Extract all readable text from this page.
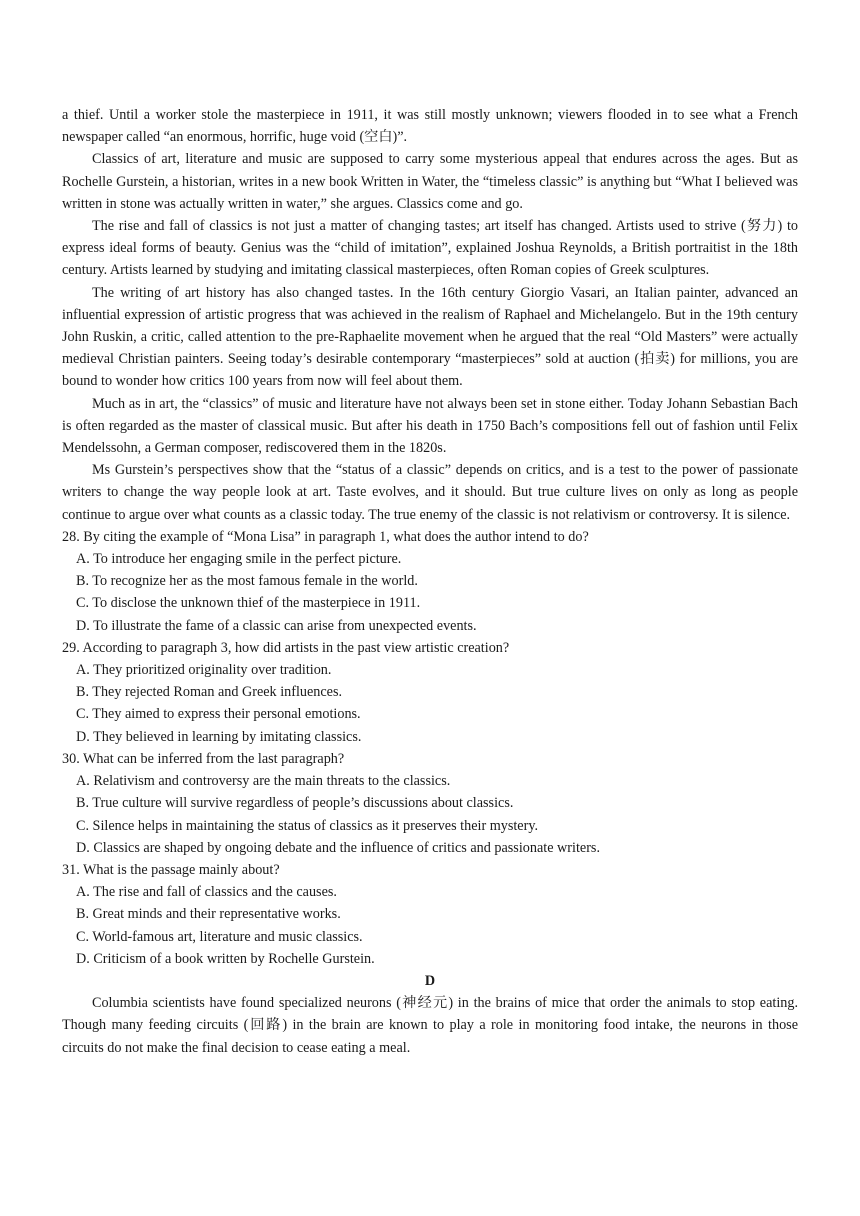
a thief. Until a worker stole the masterpiece in 1911, it was still mostly unknown; viewers flooded in to see what a French newspaper called “an enormous, horrific, huge void (空白)”.

Classics of art, literature and music are supposed to carry some mysterious appeal that endures across the ages. But as Rochelle Gurstein, a historian, writes in a new book Written in Water, the “timeless classic” is anything but “What I believed was written in stone was actually written in water,” she argues. Classics come and go.

The rise and fall of classics is not just a matter of changing tastes; art itself has changed. Artists used to strive (努力) to express ideal forms of beauty. Genius was the “child of imitation”, explained Joshua Reynolds, a British portraitist in the 18th century. Artists learned by studying and imitating classical masterpieces, often Roman copies of Greek sculptures.

The writing of art history has also changed tastes. In the 16th century Giorgio Vasari, an Italian painter, advanced an influential expression of artistic progress that was achieved in the realism of Raphael and Michelangelo. But in the 19th century John Ruskin, a critic, called attention to the pre-Raphaelite movement when he argued that the real “Old Masters” were actually medieval Christian painters. Seeing today’s desirable contemporary “masterpieces” sold at auction (拍卖) for millions, you are bound to wonder how critics 100 years from now will feel about them.

Much as in art, the “classics” of music and literature have not always been set in stone either. Today Johann Sebastian Bach is often regarded as the master of classical music. But after his death in 1750 Bach’s compositions fell out of fashion until Felix Mendelssohn, a German composer, rediscovered them in the 1820s.

Ms Gurstein’s perspectives show that the “status of a classic” depends on critics, and is a test to the power of passionate writers to change the way people look at art. Taste evolves, and it should. But true culture lives on only as long as people continue to argue over what counts as a classic today. The true enemy of the classic is not relativism or controversy. It is silence.

28. By citing the example of “Mona Lisa” in paragraph 1, what does the author intend to do?

A. To introduce her engaging smile in the perfect picture.

B. To recognize her as the most famous female in the world.

C. To disclose the unknown thief of the masterpiece in 1911.

D. To illustrate the fame of a classic can arise from unexpected events.

29. According to paragraph 3, how did artists in the past view artistic creation?

A. They prioritized originality over tradition.

B. They rejected Roman and Greek influences.

C. They aimed to express their personal emotions.

D. They believed in learning by imitating classics.

30. What can be inferred from the last paragraph?

A. Relativism and controversy are the main threats to the classics.

B. True culture will survive regardless of people’s discussions about classics.

C. Silence helps in maintaining the status of classics as it preserves their mystery.

D. Classics are shaped by ongoing debate and the influence of critics and passionate writers.

31. What is the passage mainly about?

A. The rise and fall of classics and the causes.

B. Great minds and their representative works.

C. World-famous art, literature and music classics.

D. Criticism of a book written by Rochelle Gurstein.

D

Columbia scientists have found specialized neurons (神经元) in the brains of mice that order the animals to stop eating. Though many feeding circuits (回路) in the brain are known to play a role in monitoring food intake, the neurons in those circuits do not make the final decision to cease eating a meal.
